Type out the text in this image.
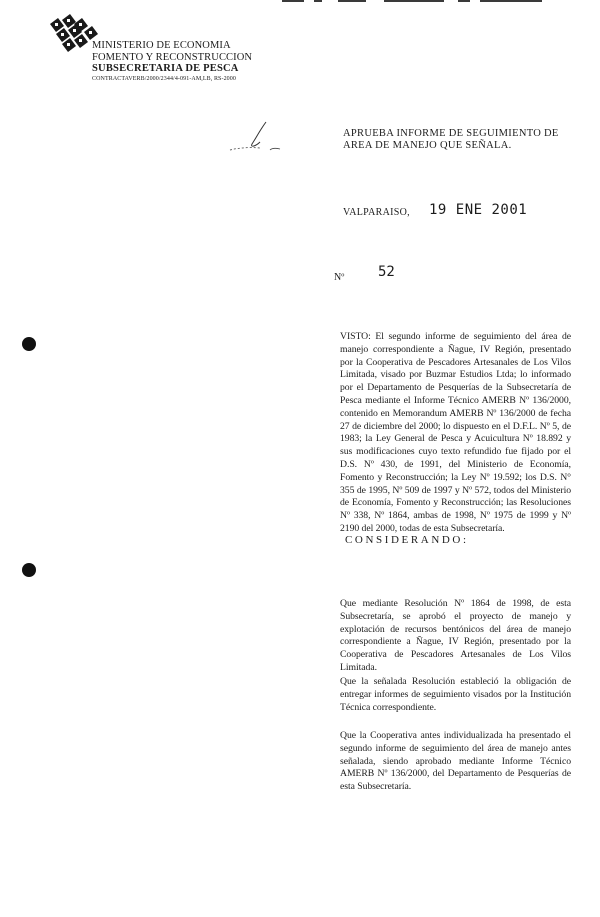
MINISTERIO DE ECONOMIA
FOMENTO Y RECONSTRUCCION
SUBSECRETARIA DE PESCA
CONTRACTAVERB/2000/2344/4-091-AM,LB, RS-2000
APRUEBA INFORME DE SEGUIMIENTO DE
AREA DE MANEJO QUE SEÑALA.
VALPARAISO, 19 ENE 2001
Nº 52
VISTO: El segundo informe de seguimiento del área de manejo correspondiente a Ñague, IV Región, presentado por la Cooperativa de Pescadores Artesanales de Los Vilos Limitada, visado por Buzmar Estudios Ltda; lo informado por el Departamento de Pesquerías de la Subsecretaría de Pesca mediante el Informe Técnico AMERB Nº 136/2000, contenido en Memorandum AMERB Nº 136/2000 de fecha 27 de diciembre del 2000; lo dispuesto en el D.F.L. Nº 5, de 1983; la Ley General de Pesca y Acuicultura Nº 18.892 y sus modificaciones cuyo texto refundido fue fijado por el D.S. Nº 430, de 1991, del Ministerio de Economía, Fomento y Reconstrucción; la Ley Nº 19.592; los D.S. N° 355 de 1995, Nº 509 de 1997 y Nº 572, todos del Ministerio de Economía, Fomento y Reconstrucción; las Resoluciones Nº 338, Nº 1864, ambas de 1998, Nº 1975 de 1999 y Nº 2190 del 2000, todas de esta Subsecretaría.
CONSIDERANDO:
Que mediante Resolución Nº 1864 de 1998, de esta Subsecretaría, se aprobó el proyecto de manejo y explotación de recursos bentónicos del área de manejo correspondiente a Ñague, IV Región, presentado por la Cooperativa de Pescadores Artesanales de Los Vilos Limitada.
Que la señalada Resolución estableció la obligación de entregar informes de seguimiento visados por la Institución Técnica correspondiente.
Que la Cooperativa antes individualizada ha presentado el segundo informe de seguimiento del área de manejo antes señalada, siendo aprobado mediante Informe Técnico AMERB Nº 136/2000, del Departamento de Pesquerías de esta Subsecretaría.
